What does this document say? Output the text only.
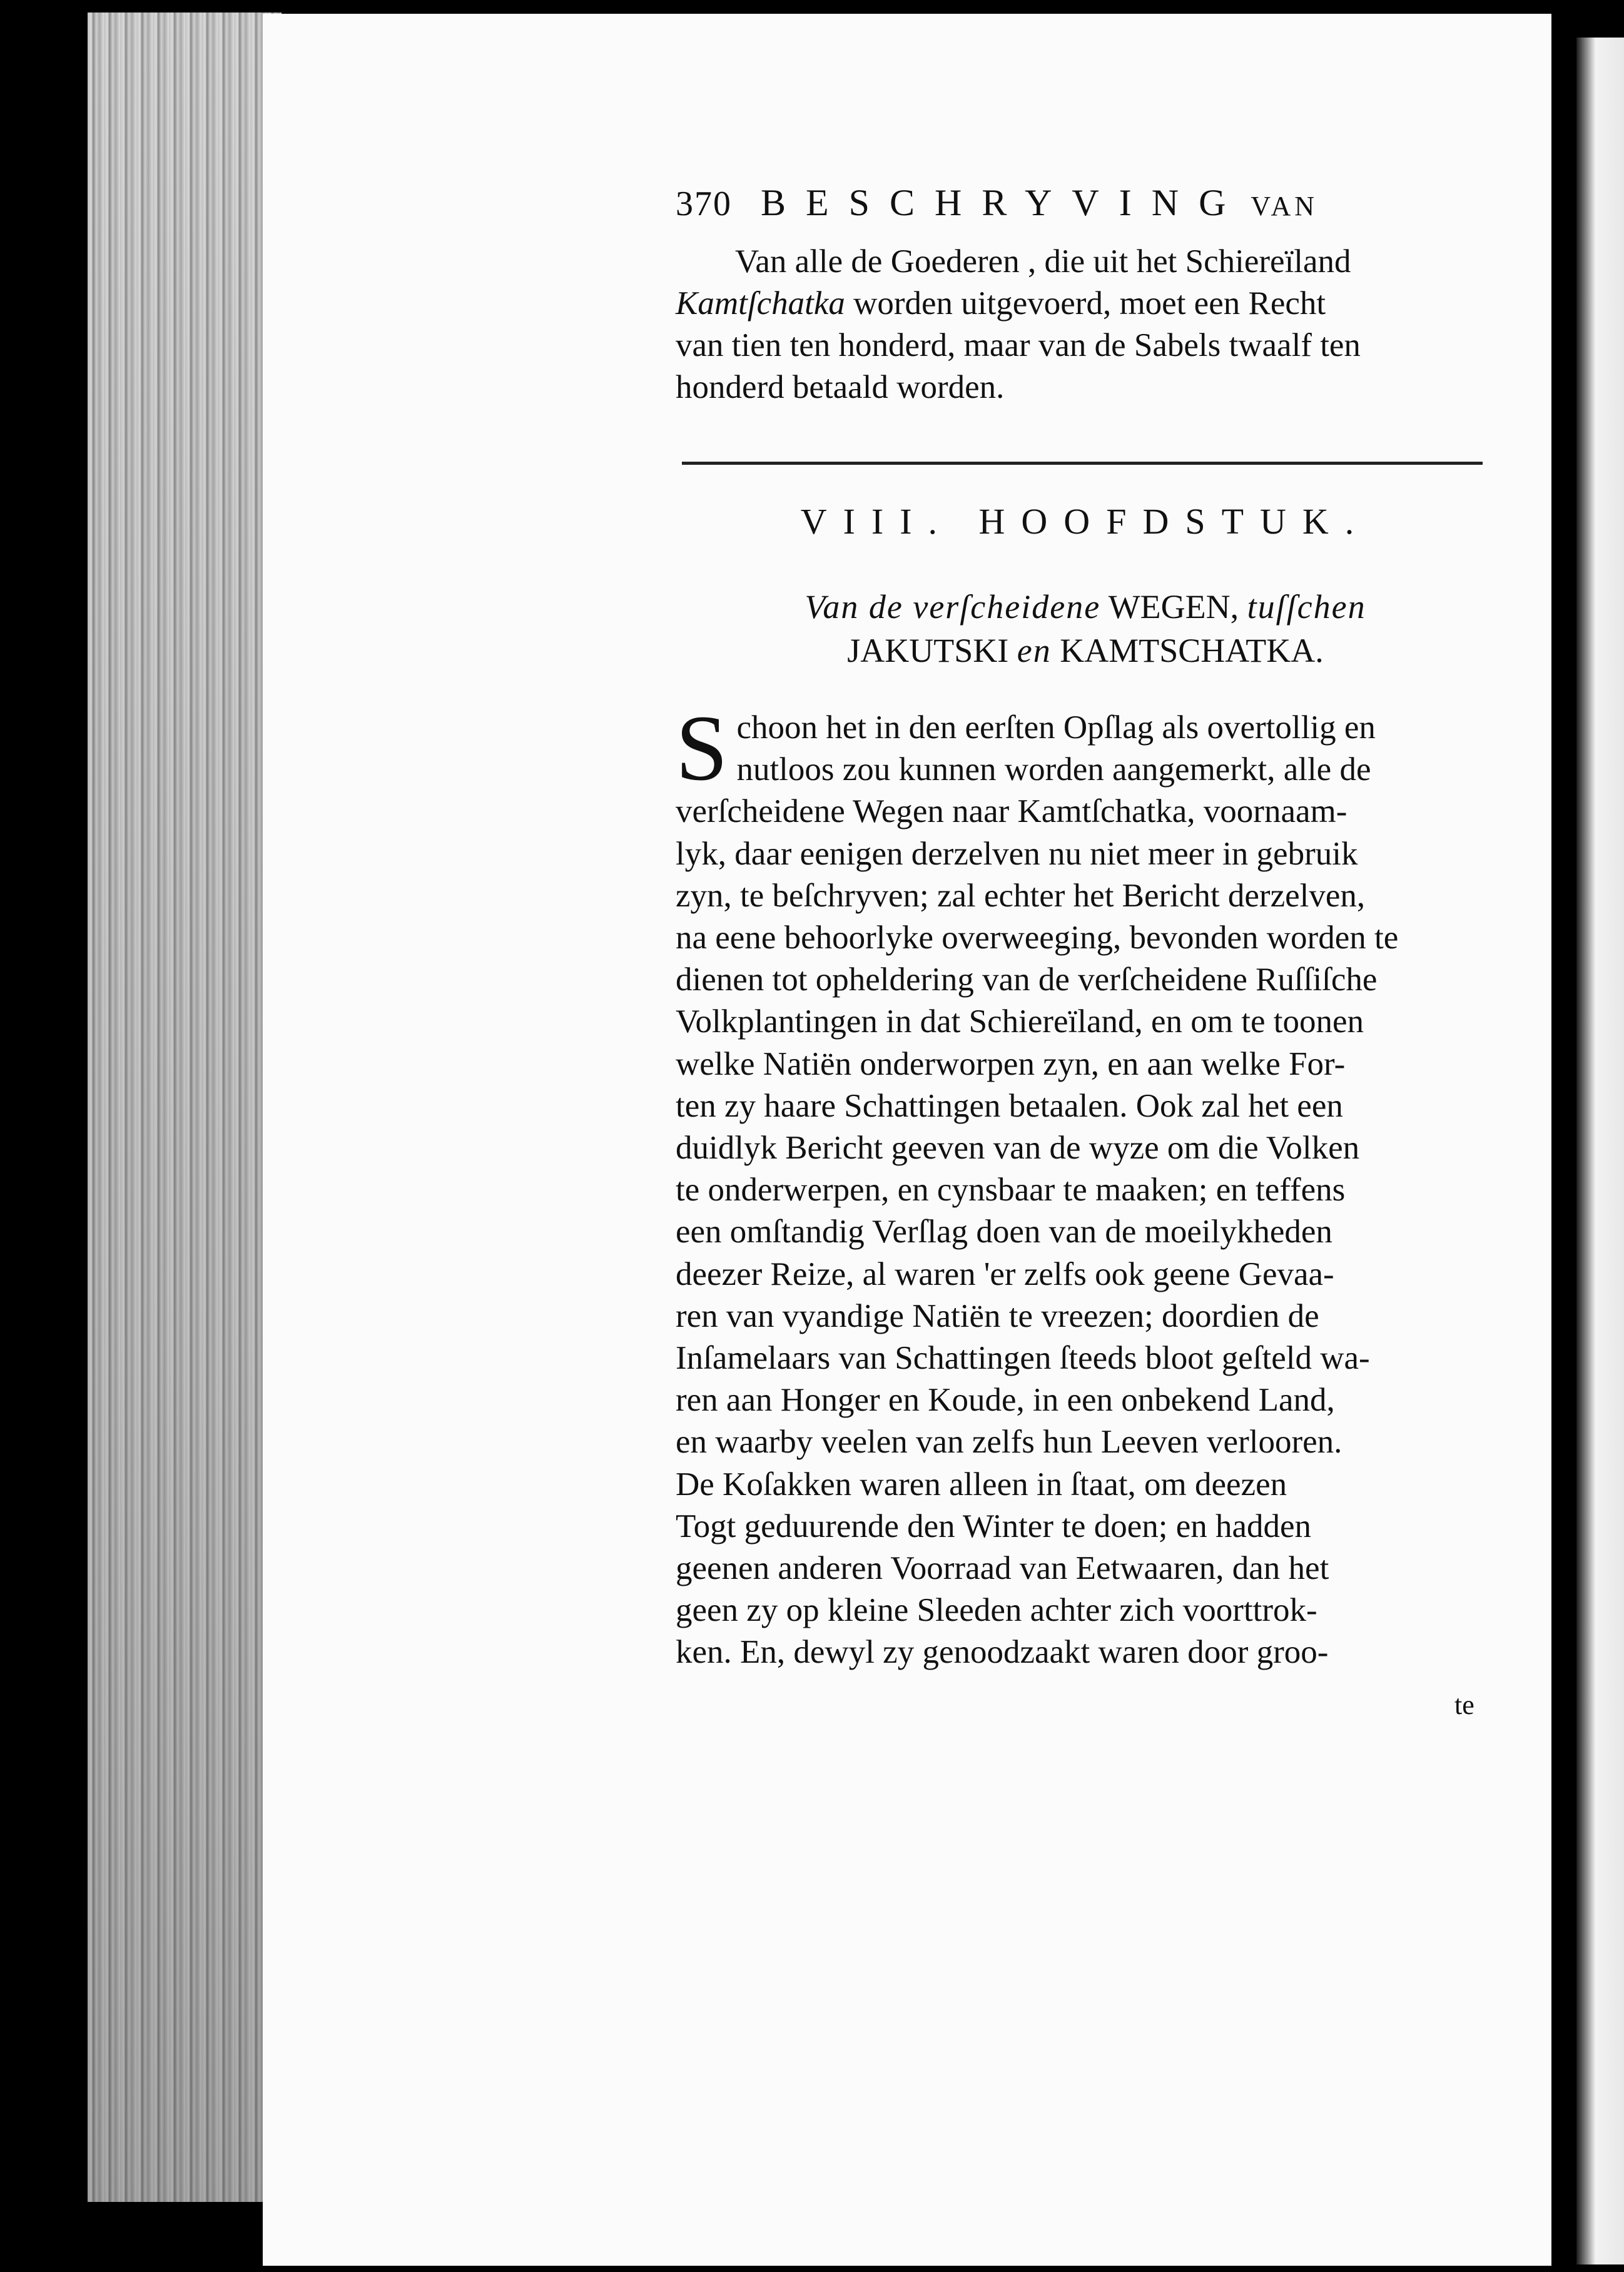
370 BESCHRYVING VAN

Van alle de Goederen , die uit het Schiereïland

Kamtſchatka worden uitgevoerd, moet een Recht

van tien ten honderd, maar van de Sabels twaalf ten

honderd betaald worden.

VIII. HOOFDSTUK.
Van de verſcheidene WEGEN, tuſſchen
JAKUTSKI en KAMTSCHATKA.
S choon het in den eerſten Opſlag als overtollig en

nutloos zou kunnen worden aangemerkt, alle de

verſcheidene Wegen naar Kamtſchatka, voornaam-

lyk, daar eenigen derzelven nu niet meer in gebruik

zyn, te beſchryven; zal echter het Bericht derzelven,

na eene behoorlyke overweeging, bevonden worden te

dienen tot opheldering van de verſcheidene Ruſſiſche

Volkplantingen in dat Schiereïland, en om te toonen

welke Natiën onderworpen zyn, en aan welke For-

ten zy haare Schattingen betaalen. Ook zal het een

duidlyk Bericht geeven van de wyze om die Volken

te onderwerpen, en cynsbaar te maaken; en teffens

een omſtandig Verſlag doen van de moeilykheden

deezer Reize, al waren 'er zelfs ook geene Gevaa-

ren van vyandige Natiën te vreezen; doordien de

Inſamelaars van Schattingen ſteeds bloot geſteld wa-

ren aan Honger en Koude, in een onbekend Land,

en waarby veelen van zelfs hun Leeven verlooren.

De Koſakken waren alleen in ſtaat, om deezen

Togt geduurende den Winter te doen; en hadden

geenen anderen Voorraad van Eetwaaren, dan het

geen zy op kleine Sleeden achter zich voorttrok-

ken. En, dewyl zy genoodzaakt waren door groo-

te
